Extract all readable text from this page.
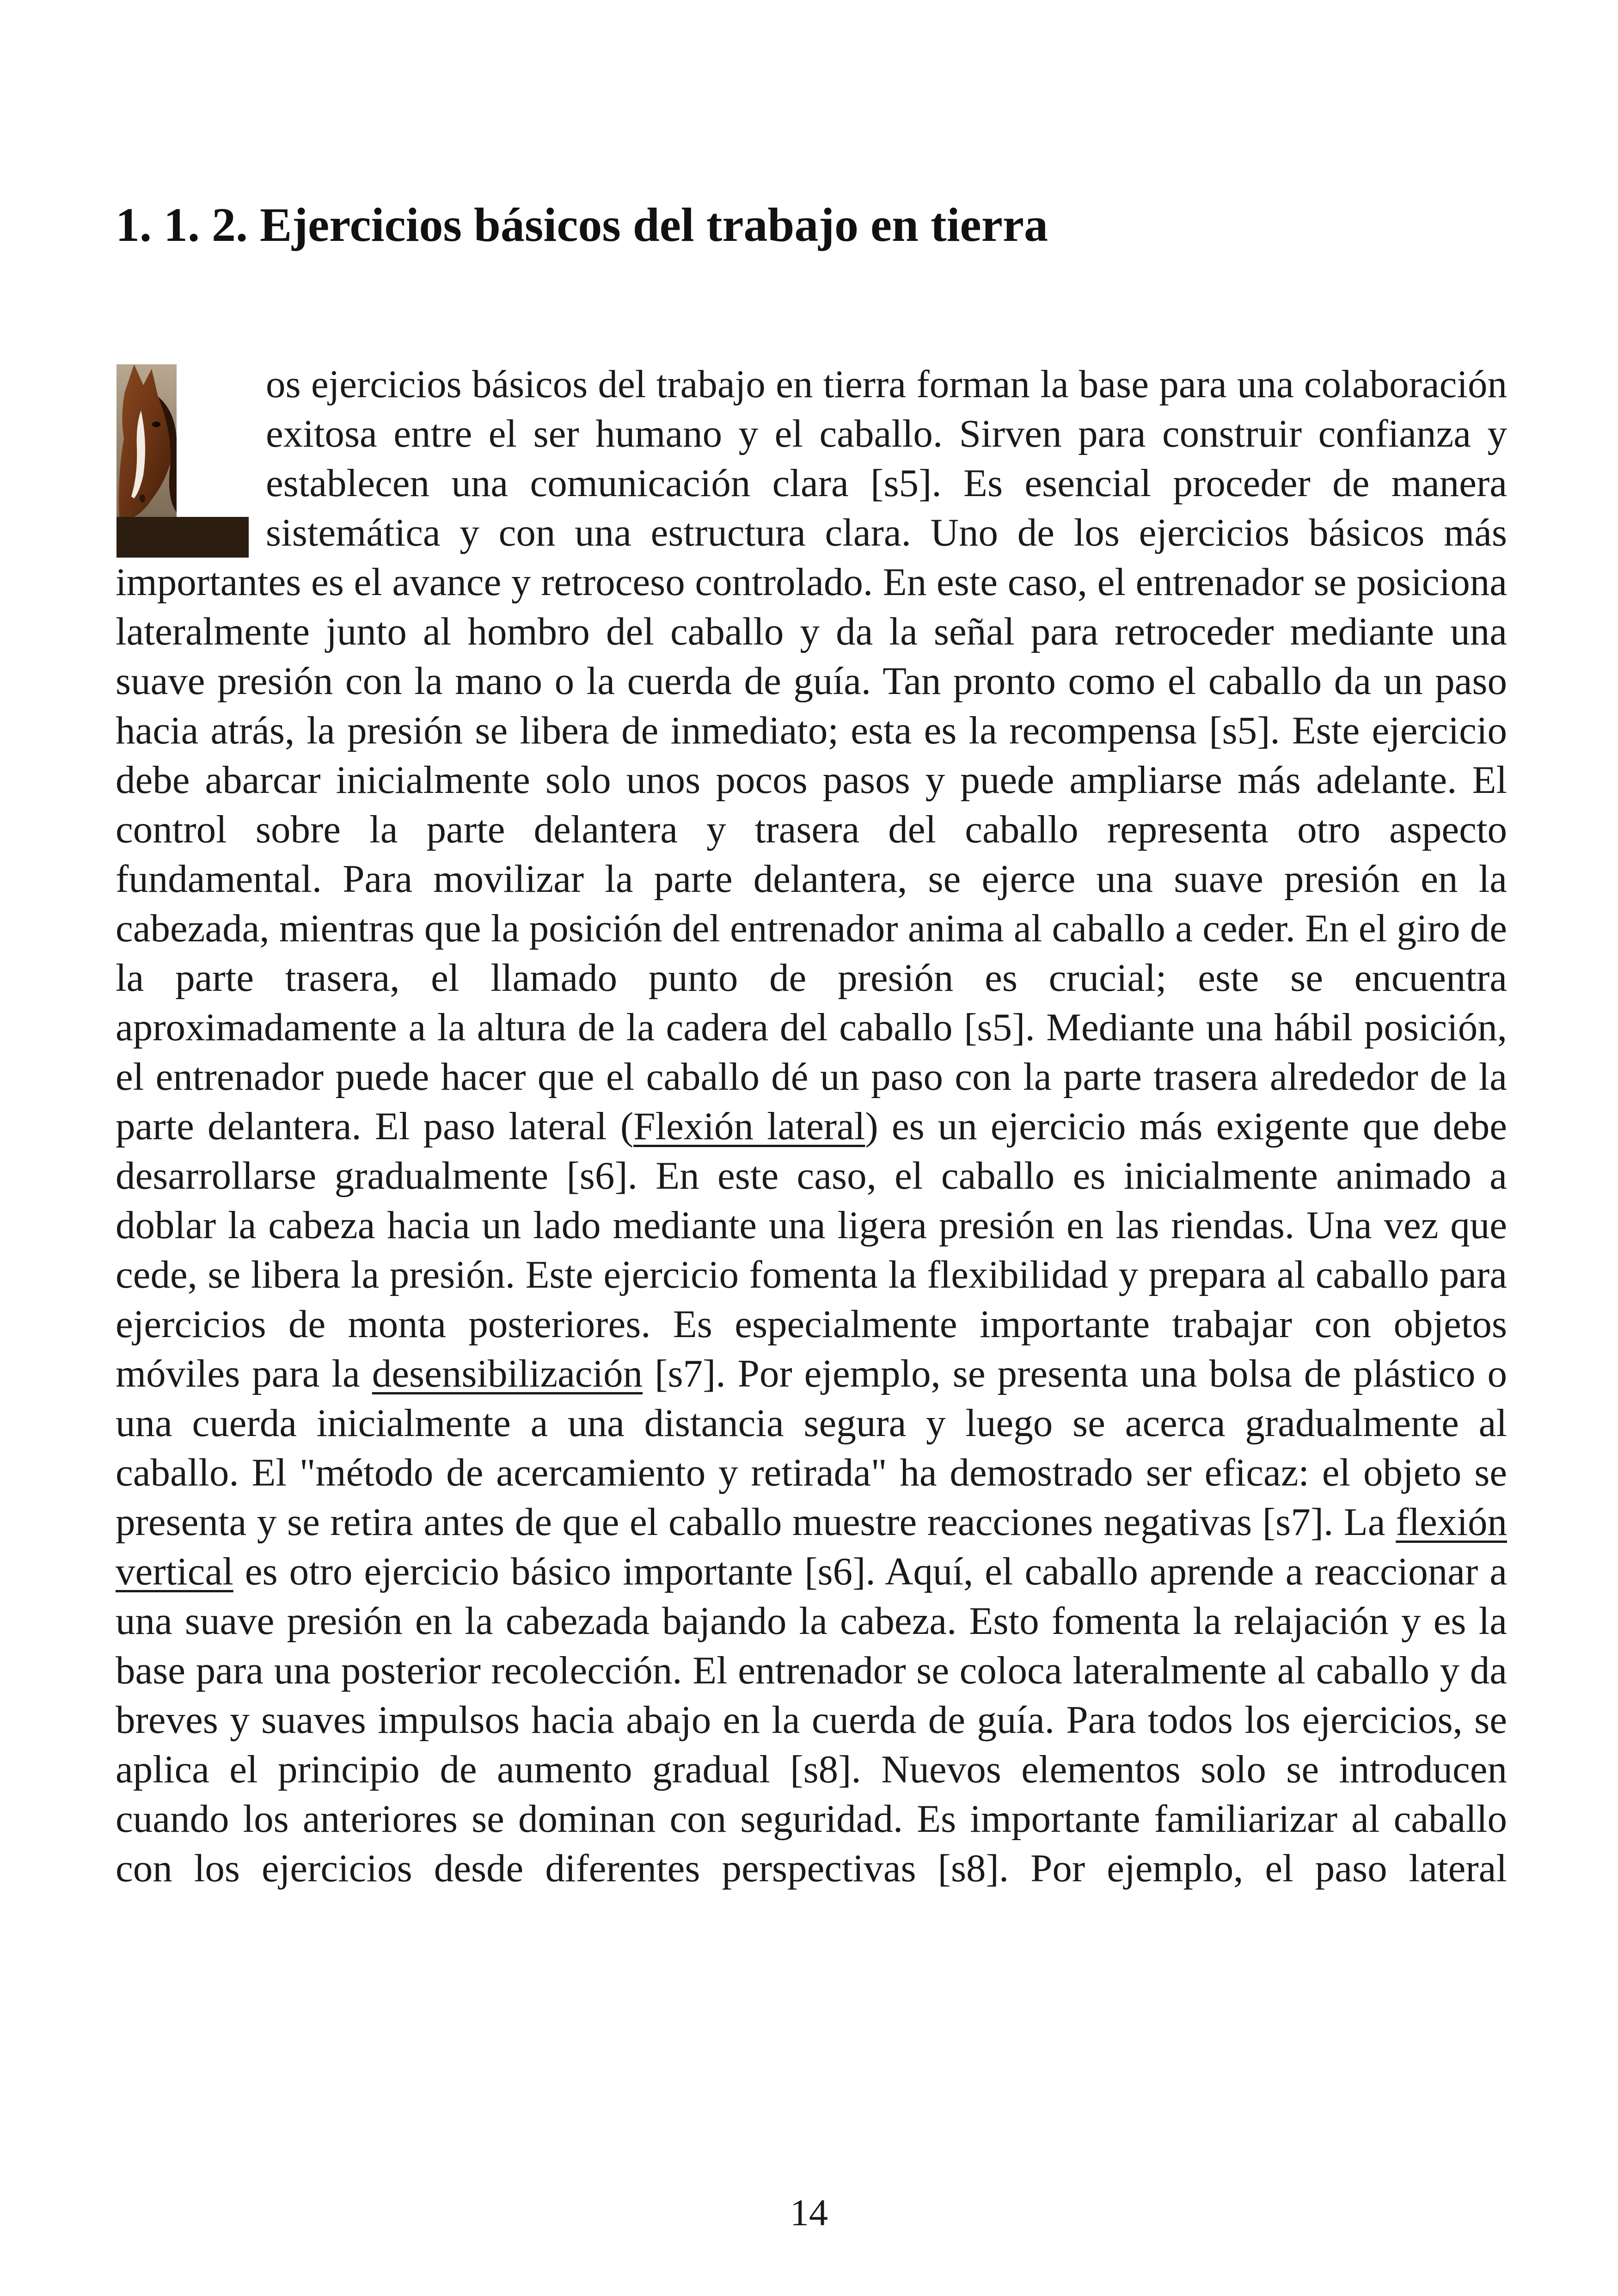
1. 1. 2. Ejercicios básicos del trabajo en tierra

os ejercicios básicos del trabajo en tierra forman la base para una colaboración exitosa entre el ser humano y el caballo. Sirven para construir confianza y establecen una comunicación clara [s5]. Es esencial proceder de manera sistemática y con una estructura clara. Uno de los ejercicios básicos más importantes es el avance y retroceso controlado. En este caso, el entrenador se posiciona lateralmente junto al hombro del caballo y da la señal para retroceder mediante una suave presión con la mano o la cuerda de guía. Tan pronto como el caballo da un paso hacia atrás, la presión se libera de inmediato; esta es la recompensa [s5]. Este ejercicio debe abarcar inicialmente solo unos pocos pasos y puede ampliarse más adelante. El control sobre la parte delantera y trasera del caballo representa otro aspecto fundamental. Para movilizar la parte delantera, se ejerce una suave presión en la cabezada, mientras que la posición del entrenador anima al caballo a ceder. En el giro de la parte trasera, el llamado punto de presión es crucial; este se encuentra aproximadamente a la altura de la cadera del caballo [s5]. Mediante una hábil posición, el entrenador puede hacer que el caballo dé un paso con la parte trasera alrededor de la parte delantera. El paso lateral (Flexión lateral) es un ejercicio más exigente que debe desarrollarse gradualmente [s6]. En este caso, el caballo es inicialmente animado a doblar la cabeza hacia un lado mediante una ligera presión en las riendas. Una vez que cede, se libera la presión. Este ejercicio fomenta la flexibilidad y prepara al caballo para ejercicios de monta posteriores. Es especialmente importante trabajar con objetos móviles para la desensibilización [s7]. Por ejemplo, se presenta una bolsa de plástico o una cuerda inicialmente a una distancia segura y luego se acerca gradualmente al caballo. El "método de acercamiento y retirada" ha demostrado ser eficaz: el objeto se presenta y se retira antes de que el caballo muestre reacciones negativas [s7]. La flexión vertical es otro ejercicio básico importante [s6]. Aquí, el caballo aprende a reaccionar a una suave presión en la cabezada bajando la cabeza. Esto fomenta la relajación y es la base para una posterior recolección. El entrenador se coloca lateralmente al caballo y da breves y suaves impulsos hacia abajo en la cuerda de guía. Para todos los ejercicios, se aplica el principio de aumento gradual [s8]. Nuevos elementos solo se introducen cuando los anteriores se dominan con seguridad. Es importante familiarizar al caballo con los ejercicios desde diferentes perspectivas [s8]. Por ejemplo, el paso lateral

14
